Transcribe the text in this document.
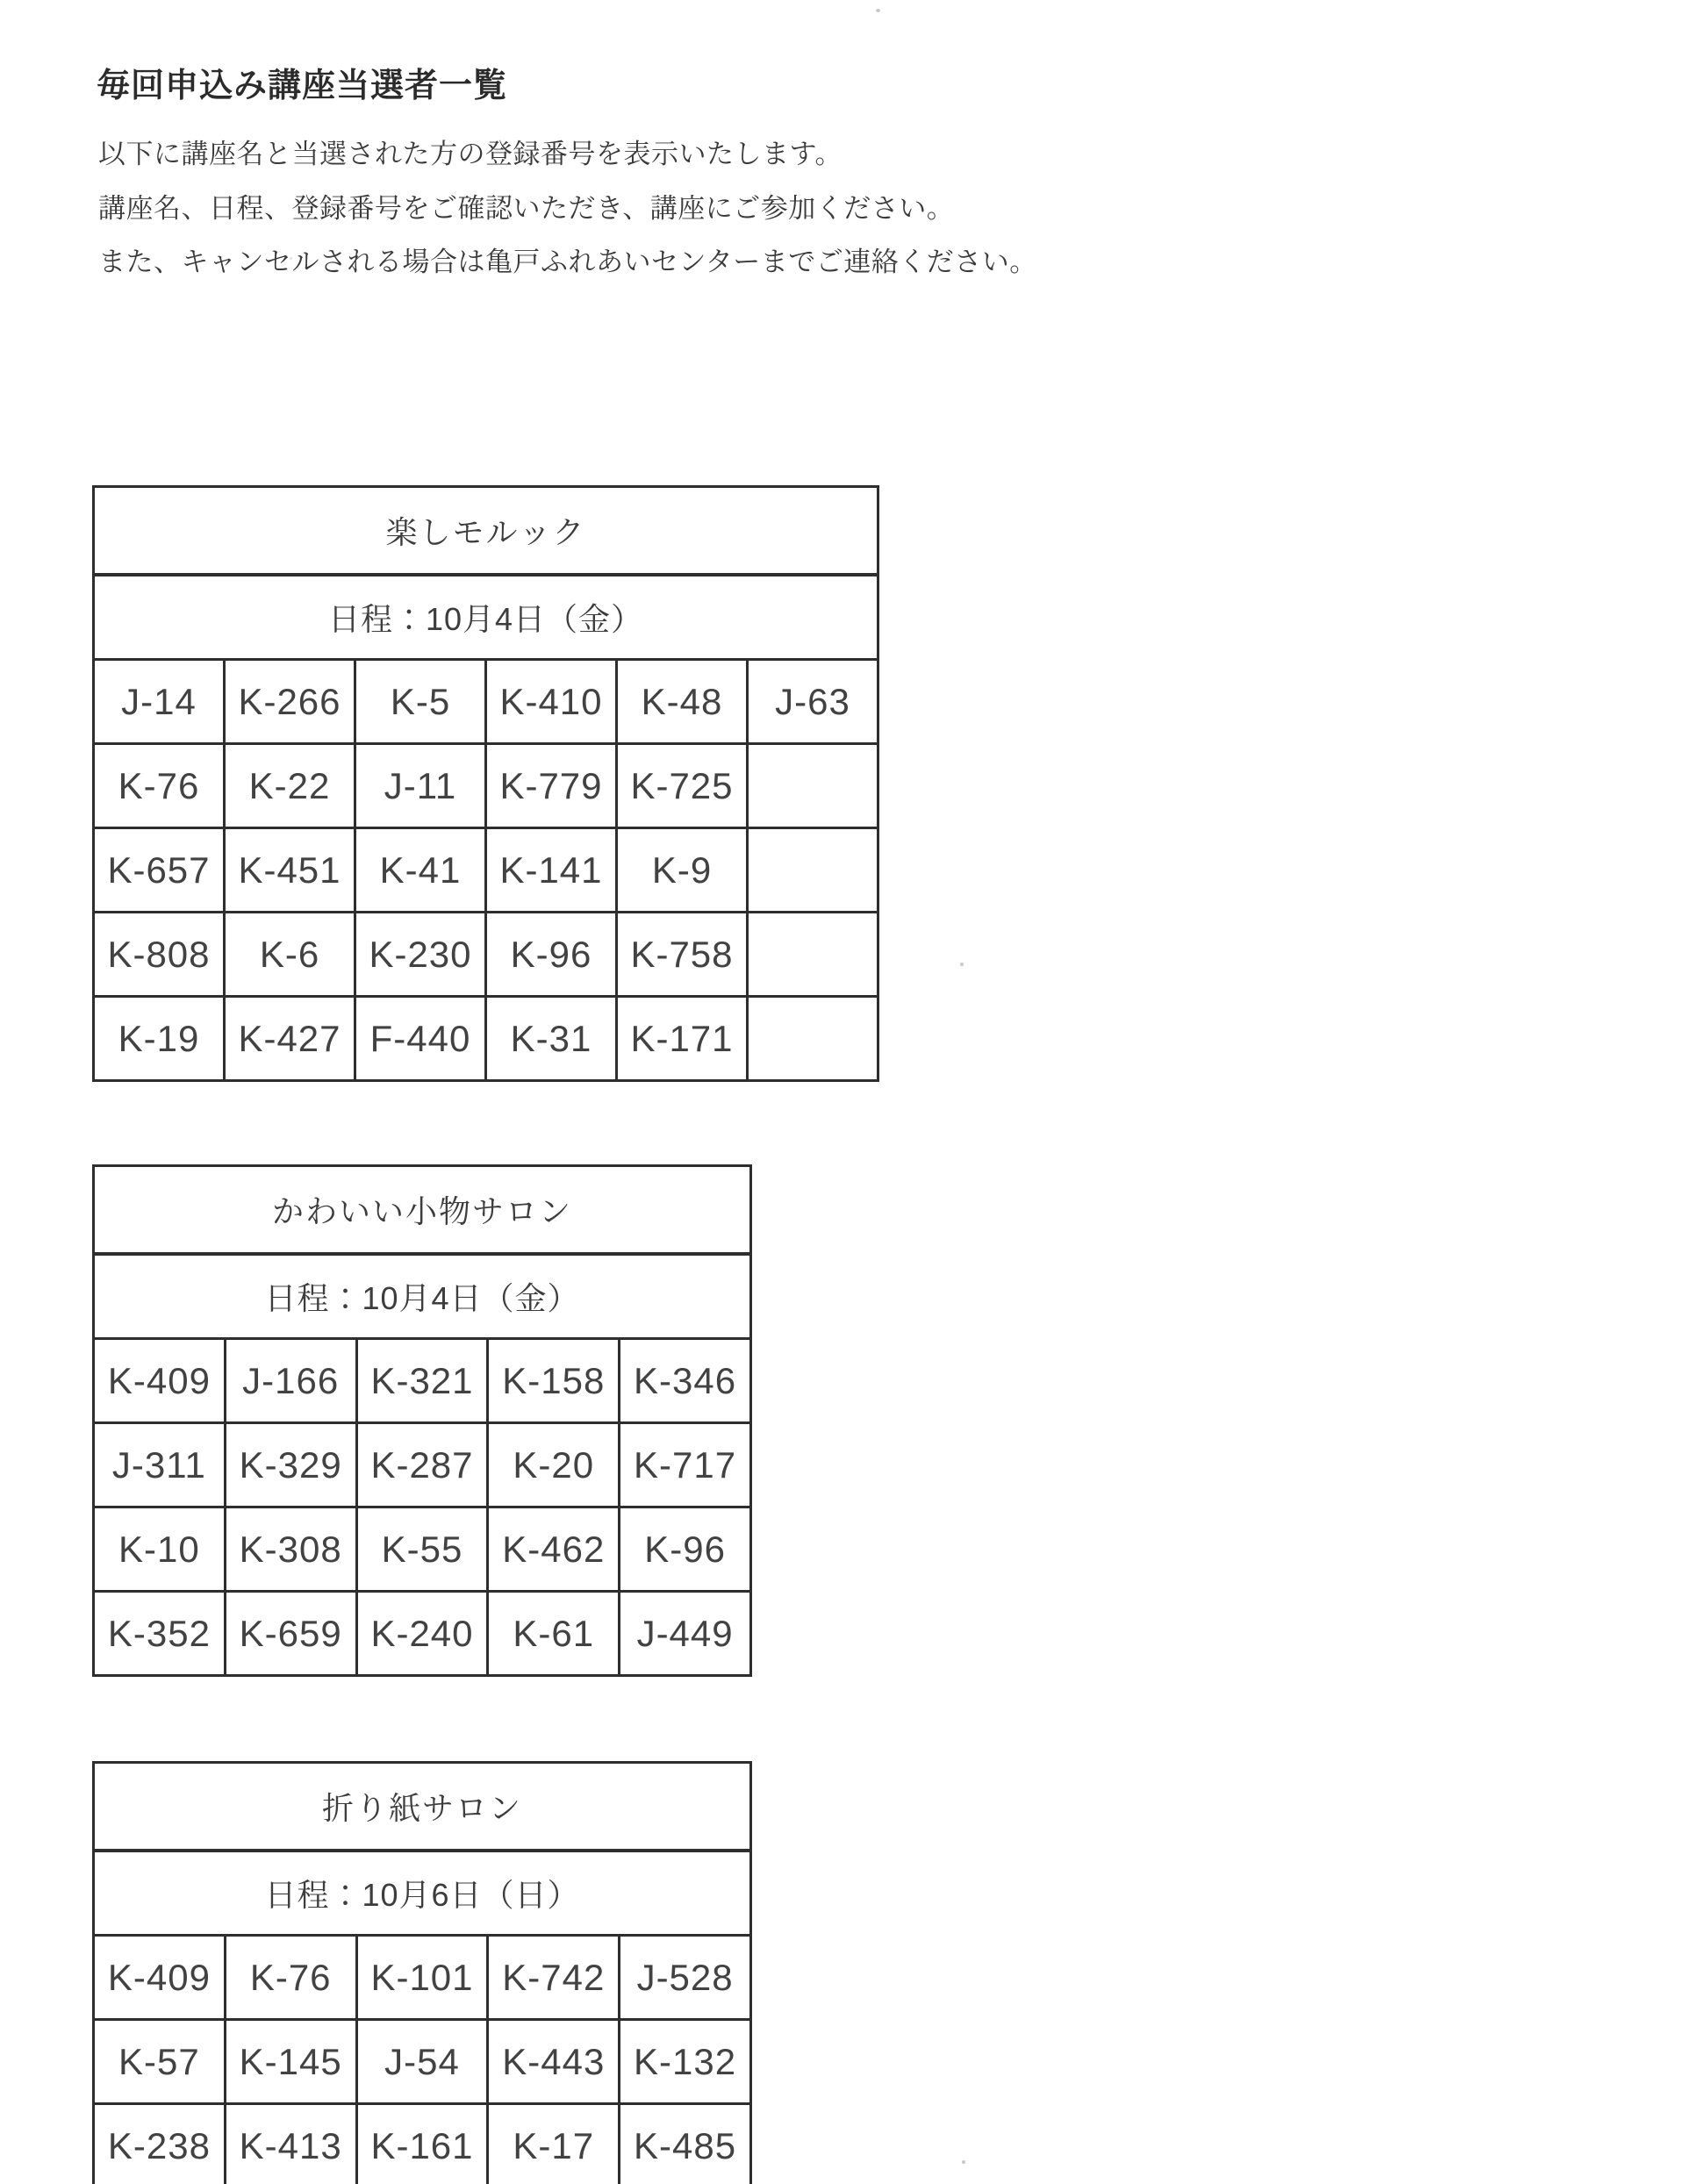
毎回申込み講座当選者一覧

以下に講座名と当選された方の登録番号を表示いたします。

講座名、日程、登録番号をご確認いただき、講座にご参加ください。

また、キャンセルされる場合は亀戸ふれあいセンターまでご連絡ください。

楽しモルック					
日程：10月4日（金）					
J-14	K-266	K-5	K-410	K-48	J-63
K-76	K-22	J-11	K-779	K-725	
K-657	K-451	K-41	K-141	K-9	
K-808	K-6	K-230	K-96	K-758	
K-19	K-427	F-440	K-31	K-171	
かわいい小物サロン				
日程：10月4日（金）				
K-409	J-166	K-321	K-158	K-346
J-311	K-329	K-287	K-20	K-717
K-10	K-308	K-55	K-462	K-96
K-352	K-659	K-240	K-61	J-449
折り紙サロン				
日程：10月6日（日）				
K-409	K-76	K-101	K-742	J-528
K-57	K-145	J-54	K-443	K-132
K-238	K-413	K-161	K-17	K-485
